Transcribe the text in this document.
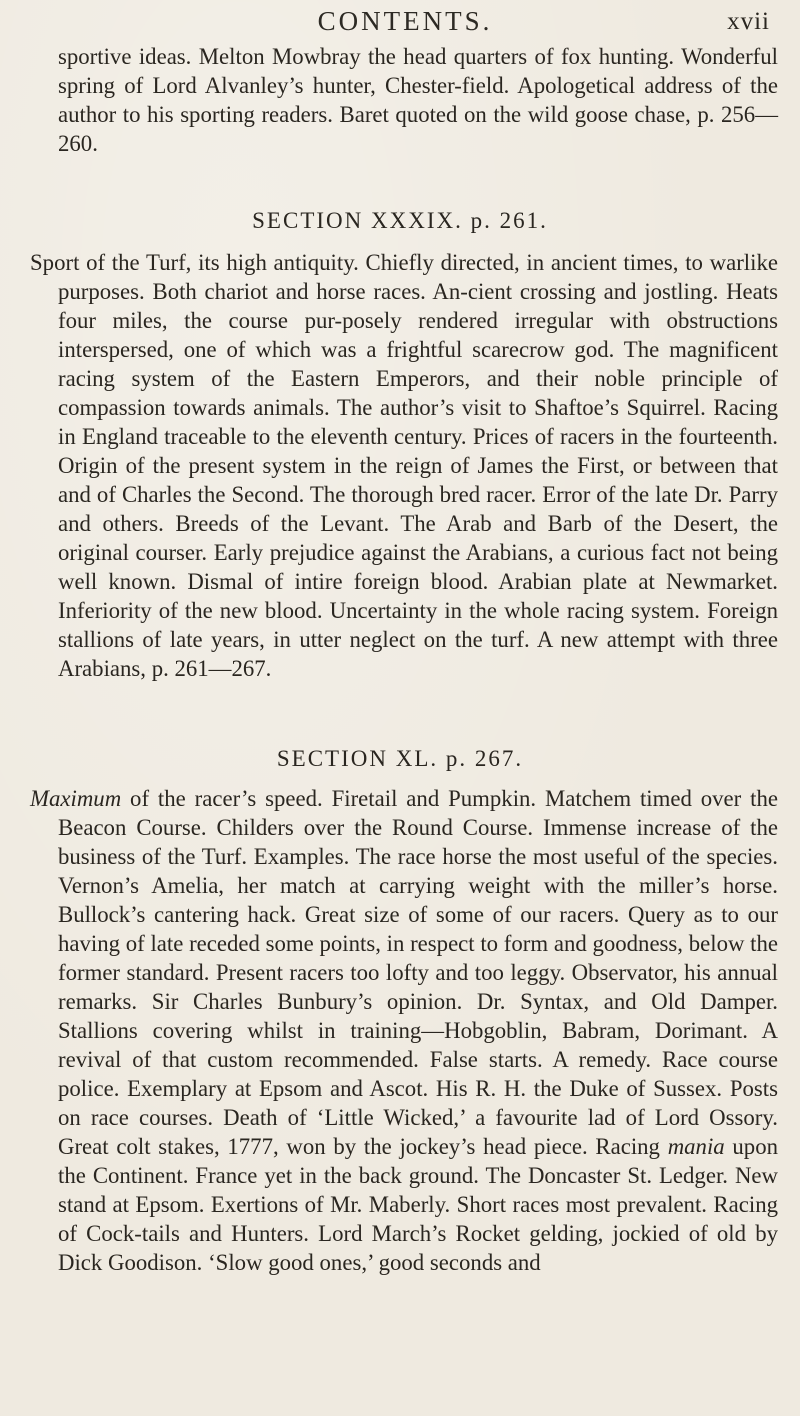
CONTENTS.	xvii

sportive ideas. Melton Mowbray the head quarters of fox hunting. Wonderful spring of Lord Alvanley’s hunter, Chester-field. Apologetical address of the author to his sporting readers. Baret quoted on the wild goose chase, p. 256—260.

SECTION XXXIX. p. 261.

Sport of the Turf, its high antiquity. Chiefly directed, in ancient times, to warlike purposes. Both chariot and horse races. An-cient crossing and jostling. Heats four miles, the course pur-posely rendered irregular with obstructions interspersed, one of which was a frightful scarecrow god. The magnificent racing system of the Eastern Emperors, and their noble principle of compassion towards animals. The author’s visit to Shaftoe’s Squirrel. Racing in England traceable to the eleventh century. Prices of racers in the fourteenth. Origin of the present system in the reign of James the First, or between that and of Charles the Second. The thorough bred racer. Error of the late Dr. Parry and others. Breeds of the Levant. The Arab and Barb of the Desert, the original courser. Early prejudice against the Arabians, a curious fact not being well known. Dismal of intire foreign blood. Arabian plate at Newmarket. Inferiority of the new blood. Uncertainty in the whole racing system. Foreign stallions of late years, in utter neglect on the turf. A new attempt with three Arabians, p. 261—267.

SECTION XL. p. 267.

Maximum of the racer’s speed. Firetail and Pumpkin. Matchem timed over the Beacon Course. Childers over the Round Course. Immense increase of the business of the Turf. Examples. The race horse the most useful of the species. Vernon’s Amelia, her match at carrying weight with the miller’s horse. Bullock’s cantering hack. Great size of some of our racers. Query as to our having of late receded some points, in respect to form and goodness, below the former standard. Present racers too lofty and too leggy. Observator, his annual remarks. Sir Charles Bunbury’s opinion. Dr. Syntax, and Old Damper. Stallions covering whilst in training—Hobgoblin, Babram, Dorimant. A revival of that custom recommended. False starts. A remedy. Race course police. Exemplary at Epsom and Ascot. His R. H. the Duke of Sussex. Posts on race courses. Death of ‘Little Wicked,’ a favourite lad of Lord Ossory. Great colt stakes, 1777, won by the jockey’s head piece. Racing mania upon the Continent. France yet in the back ground. The Doncaster St. Ledger. New stand at Epsom. Exertions of Mr. Maberly. Short races most prevalent. Racing of Cock-tails and Hunters. Lord March’s Rocket gelding, jockied of old by Dick Goodison. ‘Slow good ones,’ good seconds and
